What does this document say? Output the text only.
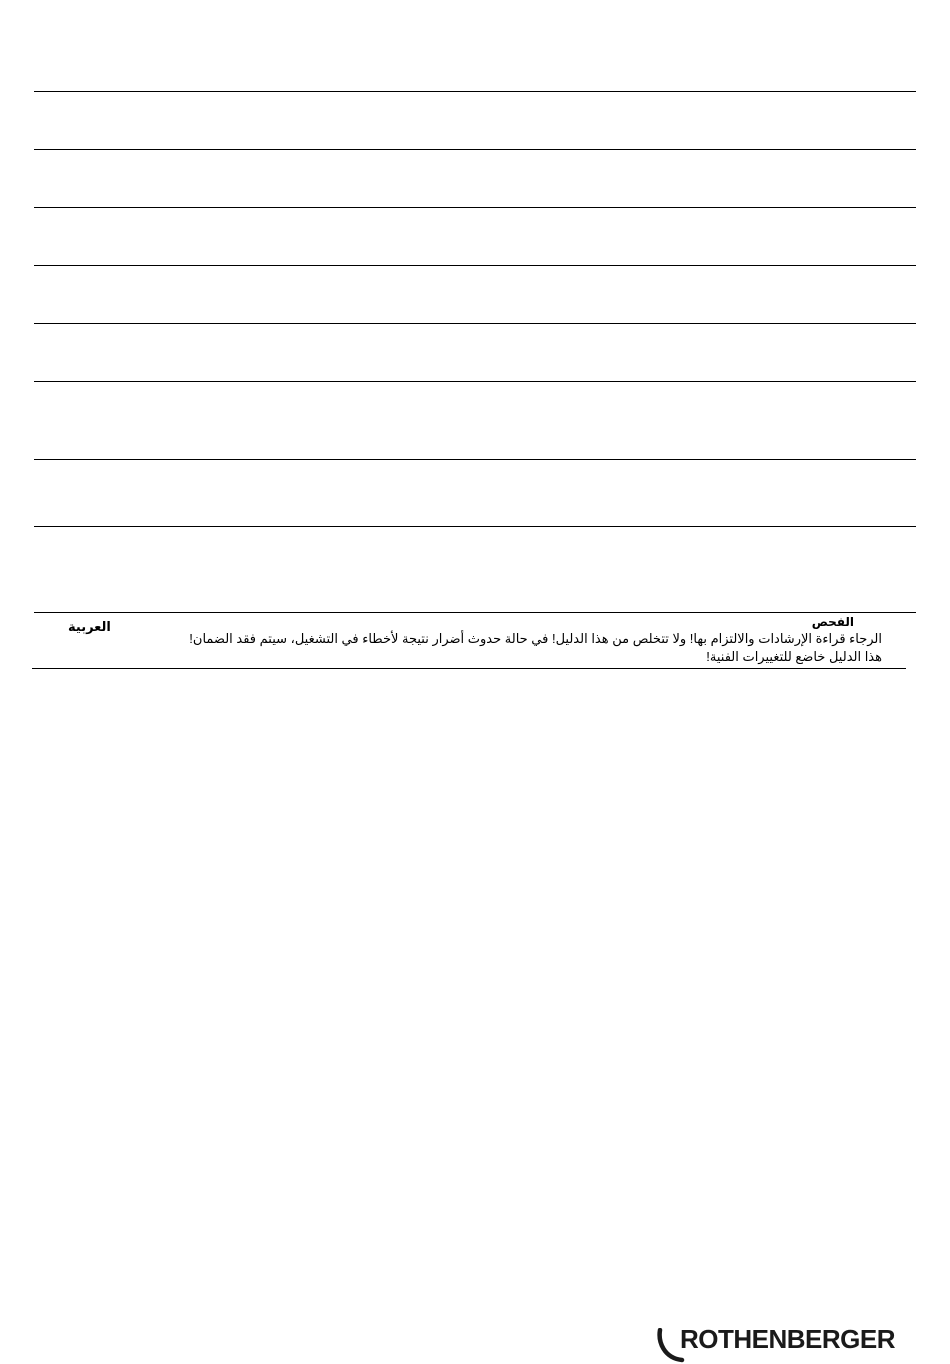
العربية	الفحص
الرجاء قراءة الإرشادات والالتزام بها! ولا تتخلص من هذا الدليل! في حالة حدوث أضرار نتيجة لأخطاء في التشغيل، سيتم فقد الضمان!
هذا الدليل خاضع للتغييرات الفنية!
ROTHENBERGER
